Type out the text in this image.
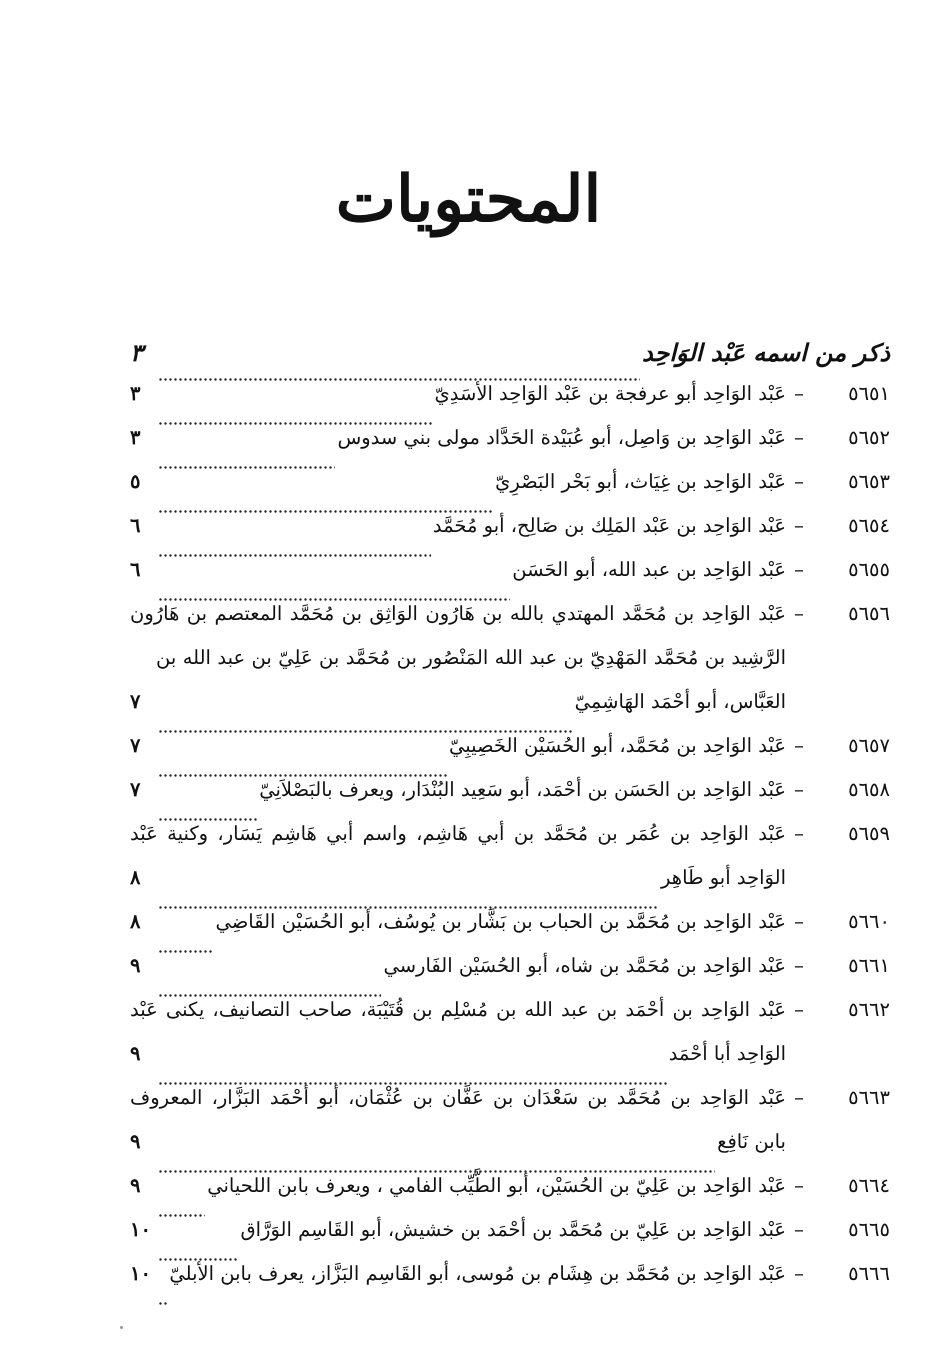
المحتويات
ذكر من اسمه عَبْد الوَاحِد
٣
٥٦٥١
–
عَبْد الوَاحِد أبو عرفجة بن عَبْد الوَاحِد الأسَدِيّ
٣
٥٦٥٢
–
عَبْد الوَاحِد بن وَاصِل، أبو عُبَيْدة الحَدَّاد مولى بني سدوس
٣
٥٦٥٣
–
عَبْد الوَاحِد بن غِيَاث، أبو بَحْر البَصْرِيّ
٥
٥٦٥٤
–
عَبْد الوَاحِد بن عَبْد المَلِك بن صَالِح، أبو مُحَمَّد
٦
٥٦٥٥
–
عَبْد الوَاحِد بن عبد الله، أبو الحَسَن
٦
٥٦٥٦
–
عَبْد الوَاحِد بن مُحَمَّد المهتدي بالله بن هَارُون الوَاثِق بن مُحَمَّد المعتصم بن هَارُون
الرَّشِيد بن مُحَمَّد المَهْدِيّ بن عبد الله المَنْصُور بن مُحَمَّد بن عَلِيّ بن عبد الله بن
العَبَّاس، أبو أحْمَد الهَاشِمِيّ
٧
٥٦٥٧
–
عَبْد الوَاحِد بن مُحَمَّد، أبو الحُسَيْن الخَصِيبِيّ
٧
٥٦٥٨
–
عَبْد الوَاحِد بن الحَسَن بن أحْمَد، أبو سَعِيد البُنْدَار، ويعرف بالبَصْلاَنِيّ
٧
٥٦٥٩
–
عَبْد الوَاحِد بن عُمَر بن مُحَمَّد بن أبي هَاشِم، واسم أبي هَاشِم يَسَار، وكنية عَبْد
الوَاحِد أبو طَاهِر
٨
٥٦٦٠
–
عَبْد الوَاحِد بن مُحَمَّد بن الحباب بن بَشَّار بن يُوسُف، أبو الحُسَيْن القَاضِي
٨
٥٦٦١
–
عَبْد الوَاحِد بن مُحَمَّد بن شاه، أبو الحُسَيْن الفَارسي
٩
٥٦٦٢
–
عَبْد الوَاحِد بن أحْمَد بن عبد الله بن مُسْلِم بن قُتَيْبَة، صاحب التصانيف، يكنى عَبْد
الوَاحِد أبا أحْمَد
٩
٥٦٦٣
–
عَبْد الوَاحِد بن مُحَمَّد بن سَعْدَان بن عَفَّان بن عُثْمَان، أبو أحْمَد البَزَّار، المعروف
بابن نَافِع
٩
٥٦٦٤
–
عَبْد الوَاحِد بن عَلِيّ بن الحُسَيْن، أبو الطَّيِّب الفامي ، ويعرف بابن اللحياني
٩
٥٦٦٥
–
عَبْد الوَاحِد بن عَلِيّ بن مُحَمَّد بن أحْمَد بن خشيش، أبو القَاسِم الوَرَّاق
١٠
٥٦٦٦
–
عَبْد الوَاحِد بن مُحَمَّد بن هِشَام بن مُوسى، أبو القَاسِم البَزَّاز، يعرف بابن الأبليّ
١٠
